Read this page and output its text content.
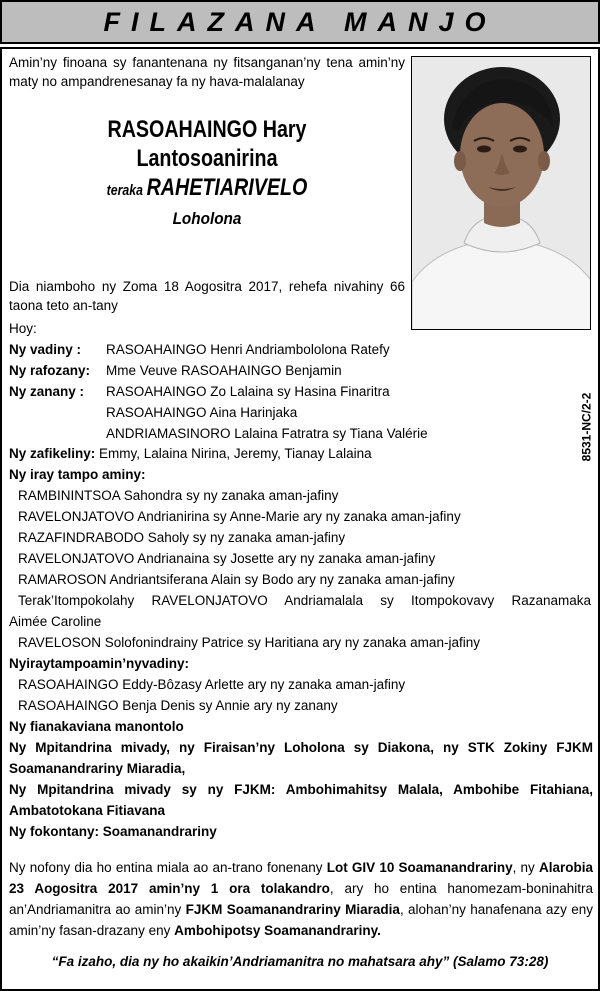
FILAZANA MANJO
Amin’ny finoana sy fanantenana ny fitsanganan’ny tena amin’ny maty no ampandrenesanay fa ny hava-malalanay
RASOAHAINGO Hary
Lantosoanirina
teraka RAHETIARIVELO
Loholona
Dia niamboho ny Zoma 18 Aogositra 2017, rehefa nivahiny 66 taona teto an-tany
Hoy:
Ny vadiny :	RASOAHAINGO Henri Andriambololona Ratefy
Ny rafozany:	Mme Veuve RASOAHAINGO Benjamin
Ny zanany :	RASOAHAINGO Zo Lalaina sy Hasina Finaritra
RASOAHAINGO Aina Harinjaka
ANDRIAMASINORO Lalaina Fatratra sy Tiana Valérie
Ny zafikeliny: Emmy, Lalaina Nirina, Jeremy, Tianay Lalaina
Ny iray tampo aminy:
RAMBININTSOA Sahondra sy ny zanaka aman-jafiny
RAVELONJATOVO Andrianirina sy Anne-Marie ary ny zanaka aman-jafiny
RAZAFINDRABODO Saholy sy ny zanaka aman-jafiny
RAVELONJATOVO Andrianaina sy Josette ary ny zanaka aman-jafiny
RAMAROSON Andriantsiferana Alain sy Bodo ary ny zanaka aman-jafiny
Terak’Itompokolahy RAVELONJATOVO Andriamalala sy Itompokovavy Razanamaka
Aimée Caroline
RAVELOSON Solofonindrainy Patrice sy Haritiana ary ny zanaka aman-jafiny
Nyiraytampoamin’nyvadiny:
RASOAHAINGO Eddy-Bôzasy Arlette ary ny zanaka aman-jafiny
RASOAHAINGO Benja Denis sy Annie ary ny zanany
Ny fianakaviana manontolo
Ny Mpitandrina mivady, ny Firaisan’ny Loholona sy Diakona, ny STK Zokiny FJKM
Soamanandrariny Miaradia,
Ny Mpitandrina mivady sy ny FJKM: Ambohimahitsy Malala, Ambohibe Fitahiana,
Ambatotokana Fitiavana
Ny fokontany: Soamanandrariny
Ny nofony dia ho entina miala ao an-trano fonenany Lot GIV 10 Soamanandrariny, ny Alarobia 23 Aogositra 2017 amin’ny 1 ora tolakandro, ary ho entina hanomezam-boninahitra an’Andriamanitra ao amin’ny FJKM Soamanandrariny Miaradia, alohan’ny hanafenana azy eny amin’ny fasan-drazany eny Ambohipotsy Soamanandrariny.
“Fa izaho, dia ny ho akaikin’Andriamanitra no mahatsara ahy” (Salamo 73:28)
8531-NC/2-2
